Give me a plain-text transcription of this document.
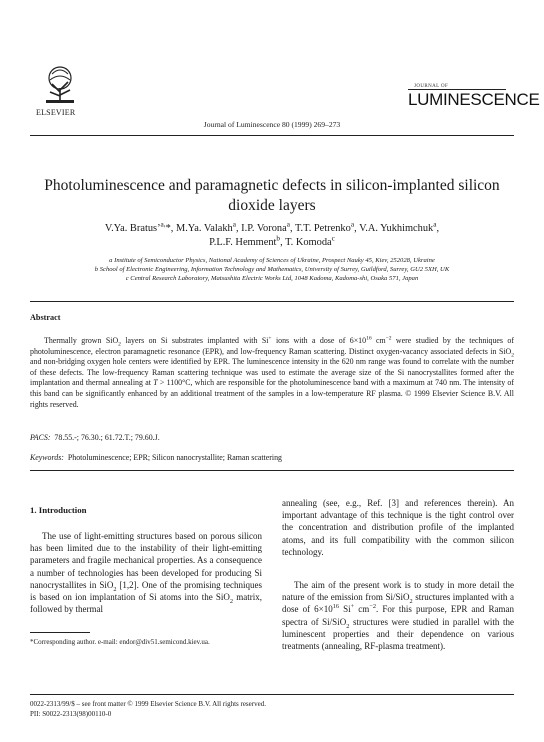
ELSEVIER
Journal of Luminescence 80 (1999) 269–273
JOURNAL OF
LUMINESCENCE
Photoluminescence and paramagnetic defects in silicon-implanted silicon dioxide layers
V.Ya. Bratus’$^{a,}$*, M.Ya. Valakh$^a$, I.P. Vorona$^a$, T.T. Petrenko$^a$, V.A. Yukhimchuk$^a$,
P.L.F. Hemment$^b$, T. Komoda$^c$
a Institute of Semiconductor Physics, National Academy of Sciences of Ukraine, Prospect Nauky 45, Kiev, 252028, Ukraine
b School of Electronic Engineering, Information Technology and Mathematics, University of Surrey, Guildford, Surrey, GU2 5XH, UK
c Central Research Laboratory, Matsushita Electric Works Ltd, 1048 Kadoma, Kadoma-shi, Osaka 571, Japan
Abstract
Thermally grown SiO$_2$ layers on Si substrates implanted with Si+ ions with a dose of $6\times 10^{16}$ $cm^{-2}$ were studied by the techniques of photoluminescence, electron paramagnetic resonance (EPR), and low-frequency Raman scattering. Distinct oxygen-vacancy associated defects in SiO$_2$ and non-bridging oxygen hole centers were identified by EPR. The luminescence intensity in the 620 nm range was found to correlate with the number of these defects. The low-frequency Raman scattering technique was used to estimate the average size of the Si nanocrystallites formed after the implantation and thermal annealing at T > 1100°C, which are responsible for the photoluminescence band with a maximum at 740 nm. The intensity of this band can be significantly enhanced by an additional treatment of the samples in a low-temperature RF plasma. © 1999 Elsevier Science B.V. All rights reserved.
PACS: 78.55.-; 76.30.; 61.72.T.; 79.60.J.
Keywords: Photoluminescence; EPR; Silicon nanocrystallite; Raman scattering
1. Introduction
The use of light-emitting structures based on porous silicon has been limited due to the instability of their light-emitting parameters and fragile mechanical properties. As a consequence a number of technologies has been developed for producing Si nanocrystallites in SiO$_2$ [1,2]. One of the promising techniques is based on ion implantation of Si atoms into the SiO$_2$ matrix, followed by thermal
annealing (see, e.g., Ref. [3] and references therein). An important advantage of this technique is the tight control over the concentration and distribution profile of the implanted atoms, and its full compatibility with the common silicon technology.
The aim of the present work is to study in more detail the nature of the emission from Si/SiO$_2$ structures implanted with a dose of $6\times 10^{16}$ Si+ $cm^{-2}$. For this purpose, EPR and Raman spectra of Si/SiO$_2$ structures were studied in parallel with the luminescent properties and their dependence on various treatments (annealing, RF-plasma treatment).
*Corresponding author. e-mail: endor@div51.semicond.kiev.ua.
0022-2313/99/$ – see front matter © 1999 Elsevier Science B.V. All rights reserved.
PII: S0022-2313(98)00110-0
